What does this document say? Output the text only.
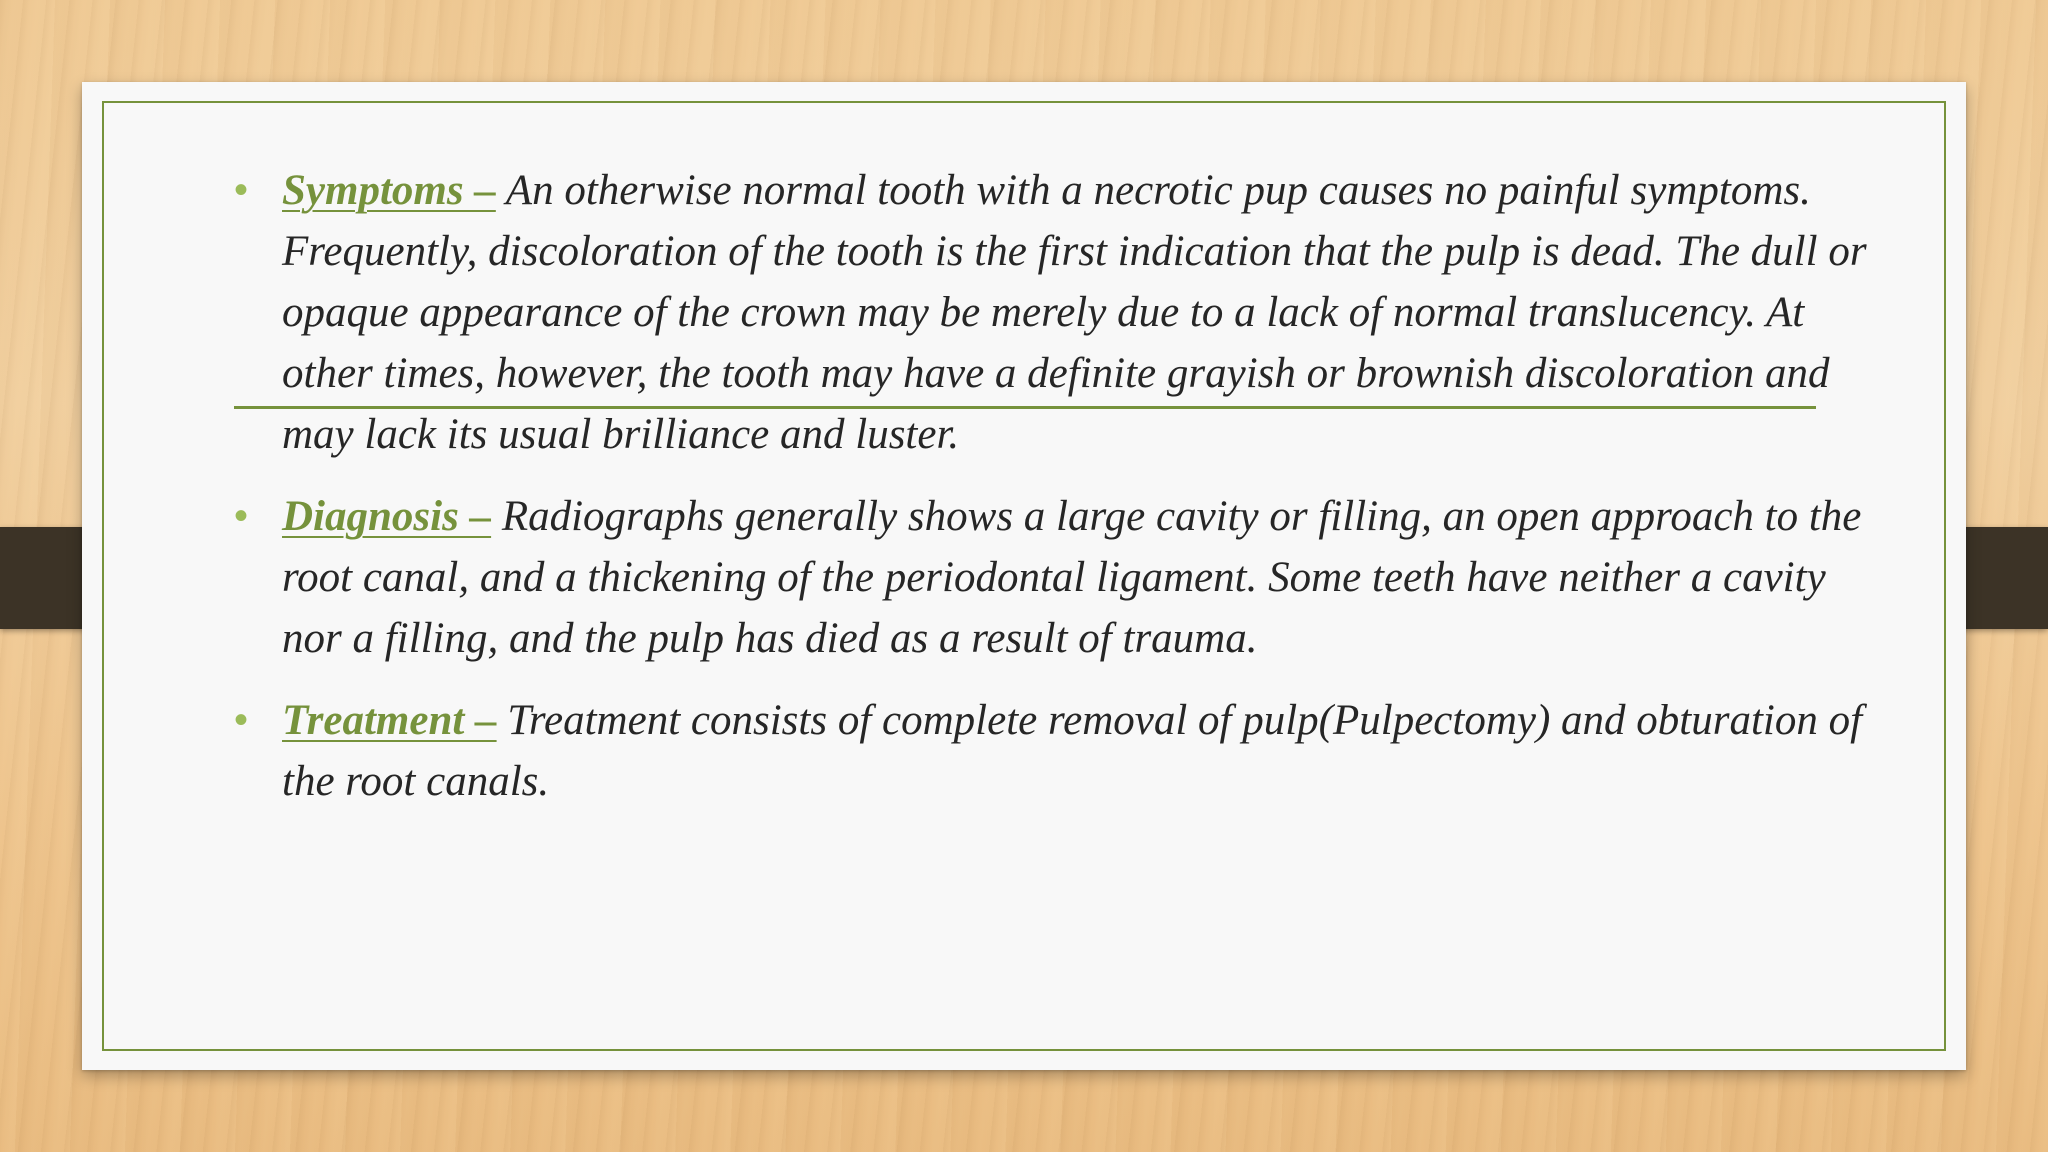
• Symptoms – An otherwise normal tooth with a necrotic pup causes no painful symptoms. Frequently, discoloration of the tooth is the first indication that the pulp is dead. The dull or opaque appearance of the crown may be merely due to a lack of normal translucency. At other times, however, the tooth may have a definite grayish or brownish discoloration and may lack its usual brilliance and luster.
• Diagnosis – Radiographs generally shows a large cavity or filling, an open approach to the root canal, and a thickening of the periodontal ligament. Some teeth have neither a cavity nor a filling, and the pulp has died as a result of trauma.
• Treatment – Treatment consists of complete removal of pulp(Pulpectomy) and obturation of the root canals.
